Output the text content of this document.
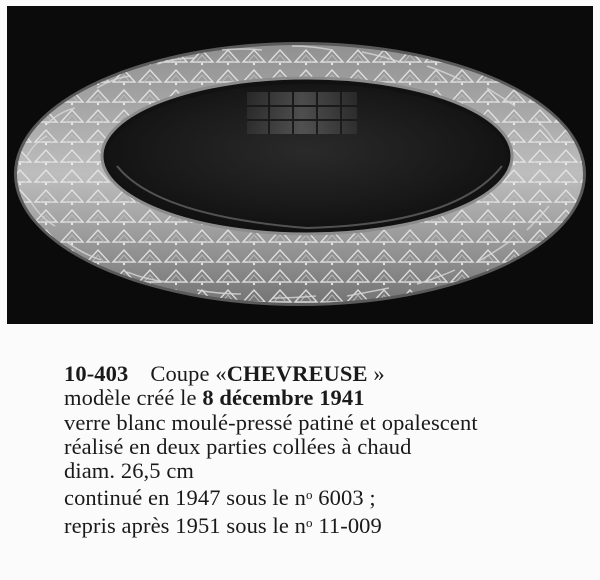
10-403 Coupe «CHEVREUSE »
modèle créé le 8 décembre 1941
verre blanc moulé-pressé patiné et opalescent
réalisé en deux parties collées à chaud
diam. 26,5 cm
continué en 1947 sous le $n^o$ 6003 ;
repris après 1951 sous le $n^o$ 11-009
